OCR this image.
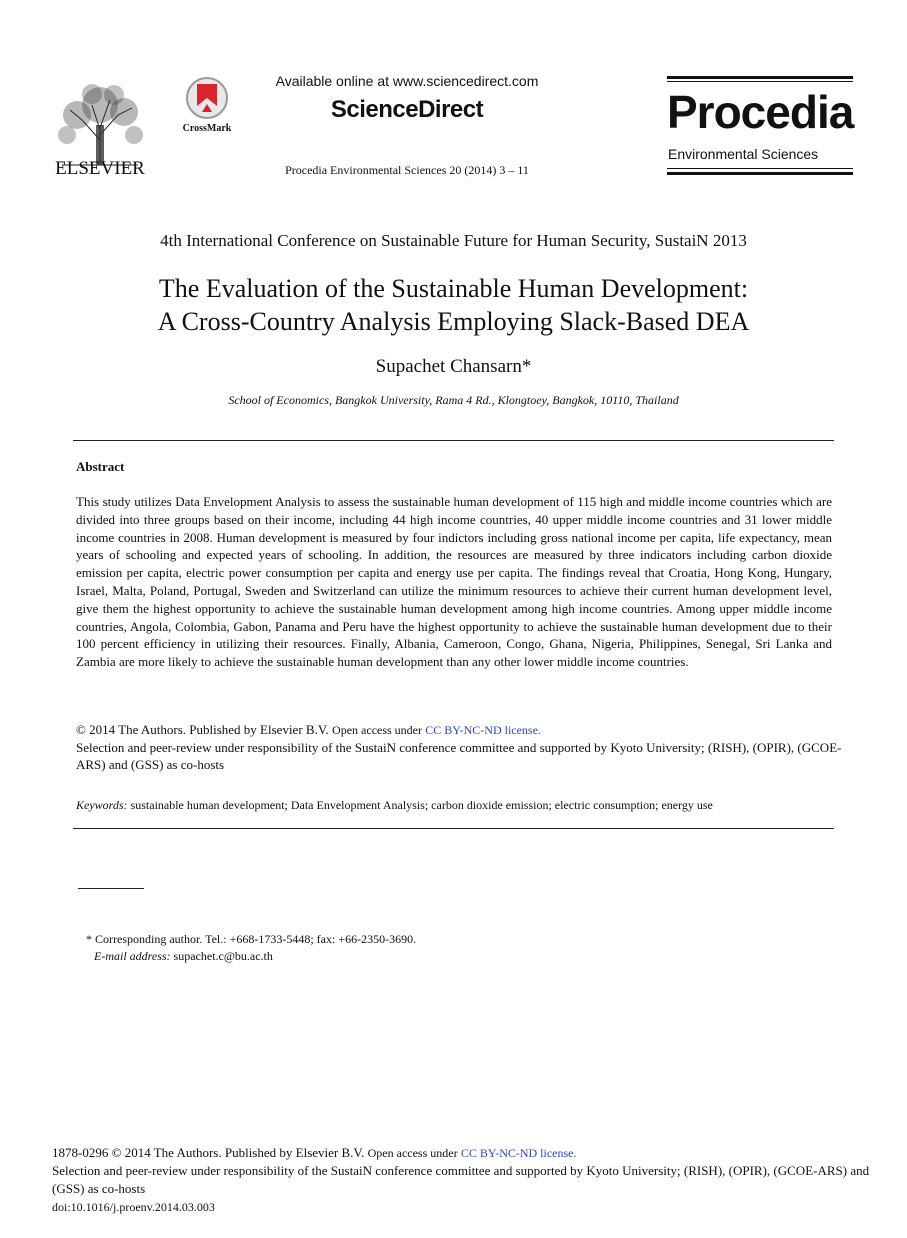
ELSEVIER
CrossMark
Available online at www.sciencedirect.com
ScienceDirect
Procedia Environmental Sciences 20 (2014) 3 – 11
Procedia
Environmental Sciences
4th International Conference on Sustainable Future for Human Security, SustaiN 2013
The Evaluation of the Sustainable Human Development:
A Cross-Country Analysis Employing Slack-Based DEA
Supachet Chansarn*
School of Economics, Bangkok University, Rama 4 Rd., Klongtoey, Bangkok, 10110, Thailand
Abstract
This study utilizes Data Envelopment Analysis to assess the sustainable human development of 115 high and middle income countries which are divided into three groups based on their income, including 44 high income countries, 40 upper middle income countries and 31 lower middle income countries in 2008. Human development is measured by four indictors including gross national income per capita, life expectancy, mean years of schooling and expected years of schooling. In addition, the resources are measured by three indicators including carbon dioxide emission per capita, electric power consumption per capita and energy use per capita. The findings reveal that Croatia, Hong Kong, Hungary, Israel, Malta, Poland, Portugal, Sweden and Switzerland can utilize the minimum resources to achieve their current human development level, give them the highest opportunity to achieve the sustainable human development among high income countries. Among upper middle income countries, Angola, Colombia, Gabon, Panama and Peru have the highest opportunity to achieve the sustainable human development due to their 100 percent efficiency in utilizing their resources. Finally, Albania, Cameroon, Congo, Ghana, Nigeria, Philippines, Senegal, Sri Lanka and Zambia are more likely to achieve the sustainable human development than any other lower middle income countries.
© 2014 The Authors. Published by Elsevier B.V. Open access under CC BY-NC-ND license.
Selection and peer-review under responsibility of the SustaiN conference committee and supported by Kyoto University; (RISH), (OPIR), (GCOE-ARS) and (GSS) as co-hosts
Keywords: sustainable human development; Data Envelopment Analysis; carbon dioxide emission; electric consumption; energy use
* Corresponding author. Tel.: +668-1733-5448; fax: +66-2350-3690.
E-mail address: supachet.c@bu.ac.th
1878-0296 © 2014 The Authors. Published by Elsevier B.V. Open access under CC BY-NC-ND license.
Selection and peer-review under responsibility of the SustaiN conference committee and supported by Kyoto University; (RISH), (OPIR), (GCOE-ARS) and (GSS) as co-hosts
doi:10.1016/j.proenv.2014.03.003
